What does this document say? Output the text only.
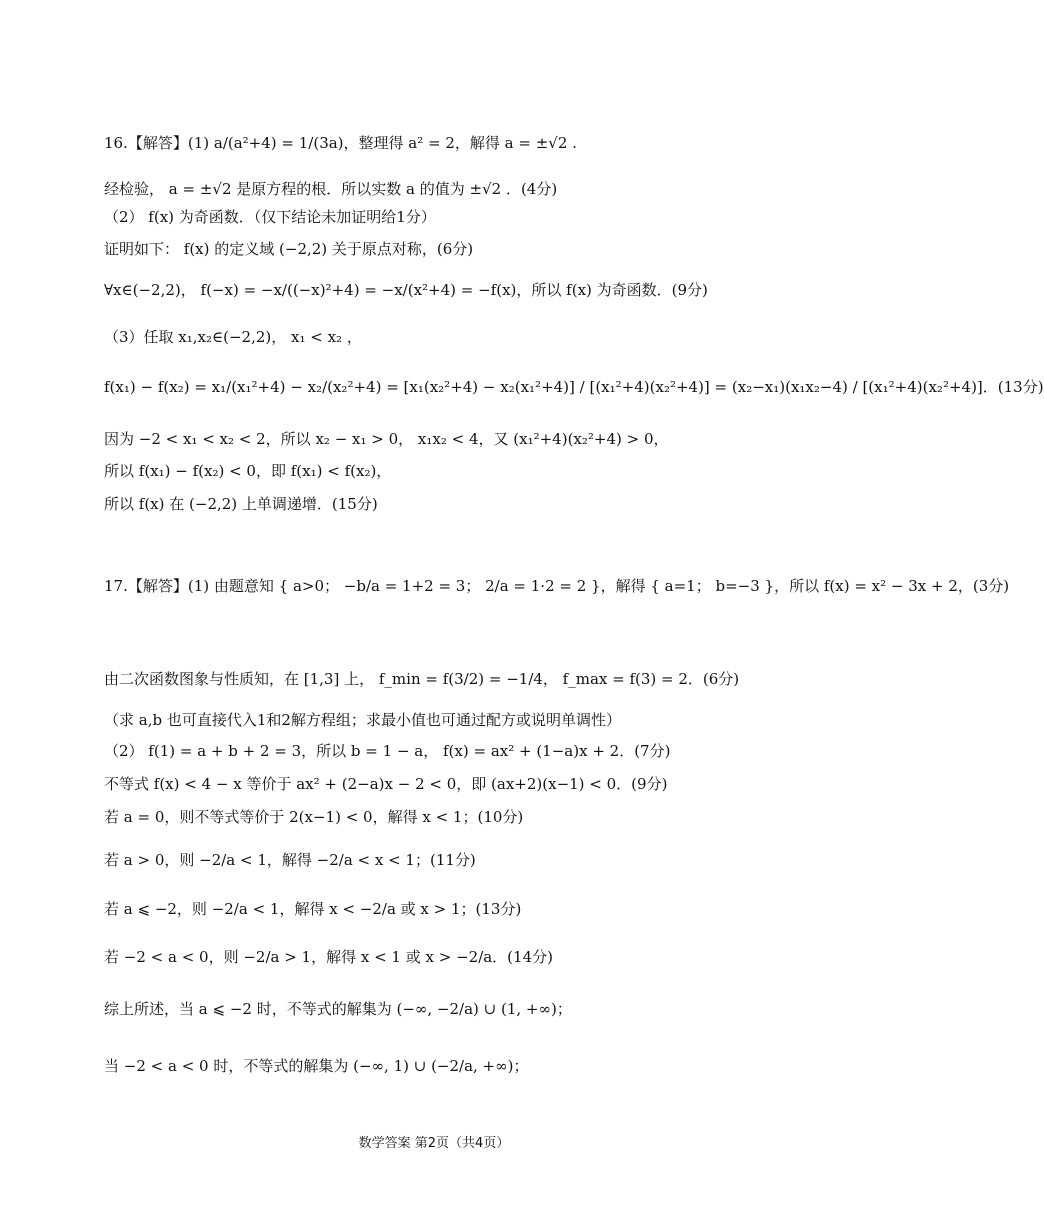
16.【解答】(1) a/(a²+4) = 1/(3a)，整理得 a² = 2，解得 a = ±√2 .
经检验， a = ±√2 是原方程的根．所以实数 a 的值为 ±√2 ．(4分)
（2） f(x) 为奇函数．（仅下结论未加证明给1分）
证明如下： f(x) 的定义域 (−2,2) 关于原点对称，(6分)
∀x∈(−2,2)， f(−x) = −x/((−x)²+4) = −x/(x²+4) = −f(x)，所以 f(x) 为奇函数．(9分)
（3）任取 x₁,x₂∈(−2,2)， x₁ < x₂ ，
f(x₁) − f(x₂) = x₁/(x₁²+4) − x₂/(x₂²+4) = [x₁(x₂²+4) − x₂(x₁²+4)] / [(x₁²+4)(x₂²+4)] = (x₂−x₁)(x₁x₂−4) / [(x₁²+4)(x₂²+4)]．(13分)
因为 −2 < x₁ < x₂ < 2，所以 x₂ − x₁ > 0， x₁x₂ < 4，又 (x₁²+4)(x₂²+4) > 0，
所以 f(x₁) − f(x₂) < 0，即 f(x₁) < f(x₂)，
所以 f(x) 在 (−2,2) 上单调递增．(15分)
17.【解答】(1) 由题意知 { a>0； −b/a = 1+2 = 3； 2/a = 1·2 = 2 }，解得 { a=1； b=−3 }，所以 f(x) = x² − 3x + 2，(3分)
由二次函数图象与性质知，在 [1,3] 上， f_min = f(3/2) = −1/4， f_max = f(3) = 2．(6分)
（求 a,b 也可直接代入1和2解方程组；求最小值也可通过配方或说明单调性）
（2） f(1) = a + b + 2 = 3，所以 b = 1 − a， f(x) = ax² + (1−a)x + 2．(7分)
不等式 f(x) < 4 − x 等价于 ax² + (2−a)x − 2 < 0，即 (ax+2)(x−1) < 0．(9分)
若 a = 0，则不等式等价于 2(x−1) < 0，解得 x < 1；(10分)
若 a > 0，则 −2/a < 1，解得 −2/a < x < 1；(11分)
若 a ⩽ −2，则 −2/a < 1，解得 x < −2/a 或 x > 1；(13分)
若 −2 < a < 0，则 −2/a > 1，解得 x < 1 或 x > −2/a．(14分)
综上所述，当 a ⩽ −2 时，不等式的解集为 (−∞, −2/a) ∪ (1, +∞)；
当 −2 < a < 0 时，不等式的解集为 (−∞, 1) ∪ (−2/a, +∞)；
数学答案 第2页（共4页）
